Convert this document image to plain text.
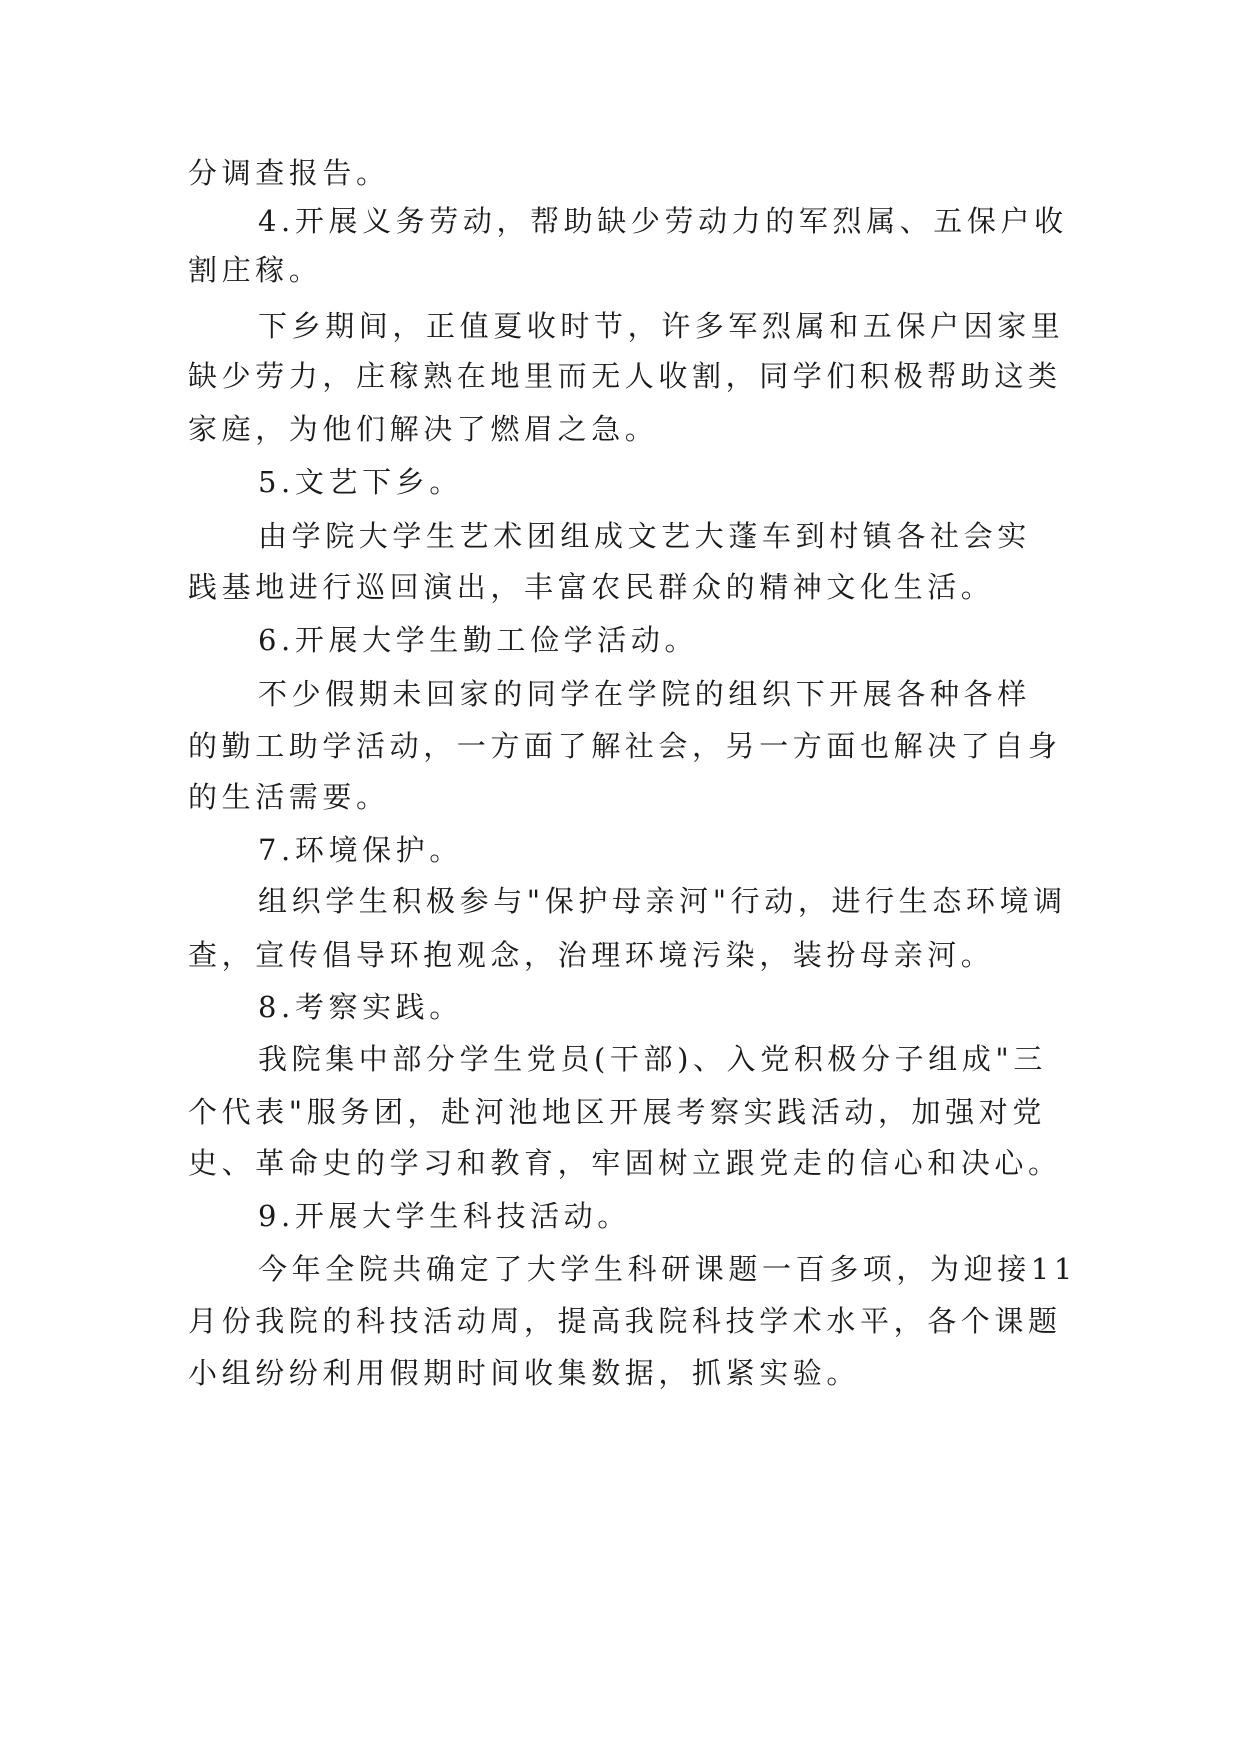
分调查报告。
4.开展义务劳动，帮助缺少劳动力的军烈属、五保户收
割庄稼。
下乡期间，正值夏收时节，许多军烈属和五保户因家里
缺少劳力，庄稼熟在地里而无人收割，同学们积极帮助这类
家庭，为他们解决了燃眉之急。
5.文艺下乡。
由学院大学生艺术团组成文艺大蓬车到村镇各社会实
践基地进行巡回演出，丰富农民群众的精神文化生活。
6.开展大学生勤工俭学活动。
不少假期未回家的同学在学院的组织下开展各种各样
的勤工助学活动，一方面了解社会，另一方面也解决了自身
的生活需要。
7.环境保护。
组织学生积极参与"保护母亲河"行动，进行生态环境调
查，宣传倡导环抱观念，治理环境污染，装扮母亲河。
8.考察实践。
我院集中部分学生党员(干部)、入党积极分子组成"三
个代表"服务团，赴河池地区开展考察实践活动，加强对党
史、革命史的学习和教育，牢固树立跟党走的信心和决心。
9.开展大学生科技活动。
今年全院共确定了大学生科研课题一百多项，为迎接11
月份我院的科技活动周，提高我院科技学术水平，各个课题
小组纷纷利用假期时间收集数据，抓紧实验。
